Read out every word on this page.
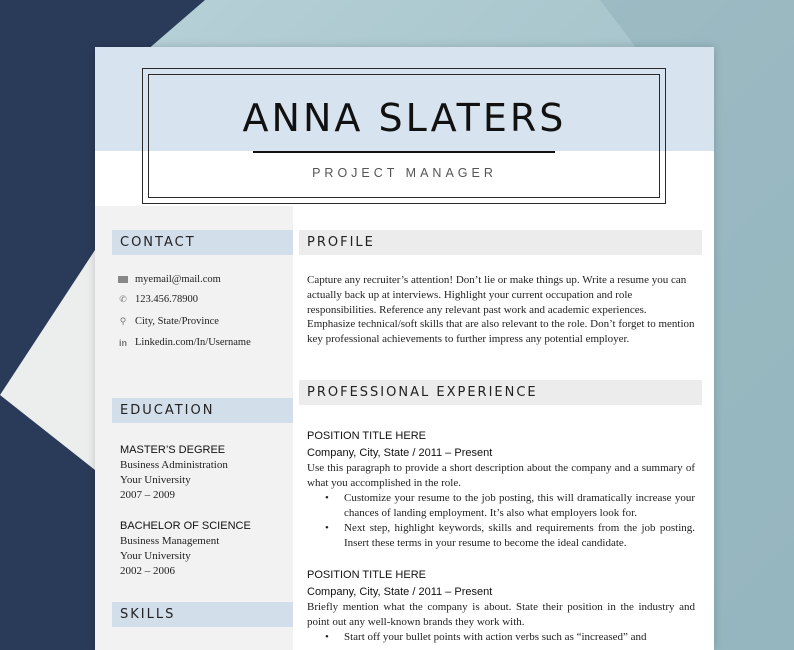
ANNA SLATERS
PROJECT MANAGER
CONTACT
myemail@mail.com
✆ 123.456.78900
⚲ City, State/Province
in Linkedin.com/In/Username
EDUCATION
MASTER’S DEGREE
Business Administration
Your University
2007 – 2009
BACHELOR OF SCIENCE
Business Management
Your University
2002 – 2006
SKILLS
PROFILE
Capture any recruiter’s attention! Don’t lie or make things up. Write a resume you can actually back up at interviews. Highlight your current occupation and role responsibilities. Reference any relevant past work and academic experiences. Emphasize technical/soft skills that are also relevant to the role. Don’t forget to mention key professional achievements to further impress any potential employer.
PROFESSIONAL EXPERIENCE
POSITION TITLE HERE
Company, City, State / 2011 – Present
Use this paragraph to provide a short description about the company and a summary of what you accomplished in the role.
• Customize your resume to the job posting, this will dramatically increase your chances of landing employment. It’s also what employers look for.
• Next step, highlight keywords, skills and requirements from the job posting. Insert these terms in your resume to become the ideal candidate.
POSITION TITLE HERE
Company, City, State / 2011 – Present
Briefly mention what the company is about. State their position in the industry and point out any well-known brands they work with.
• Start off your bullet points with action verbs such as “increased” and
